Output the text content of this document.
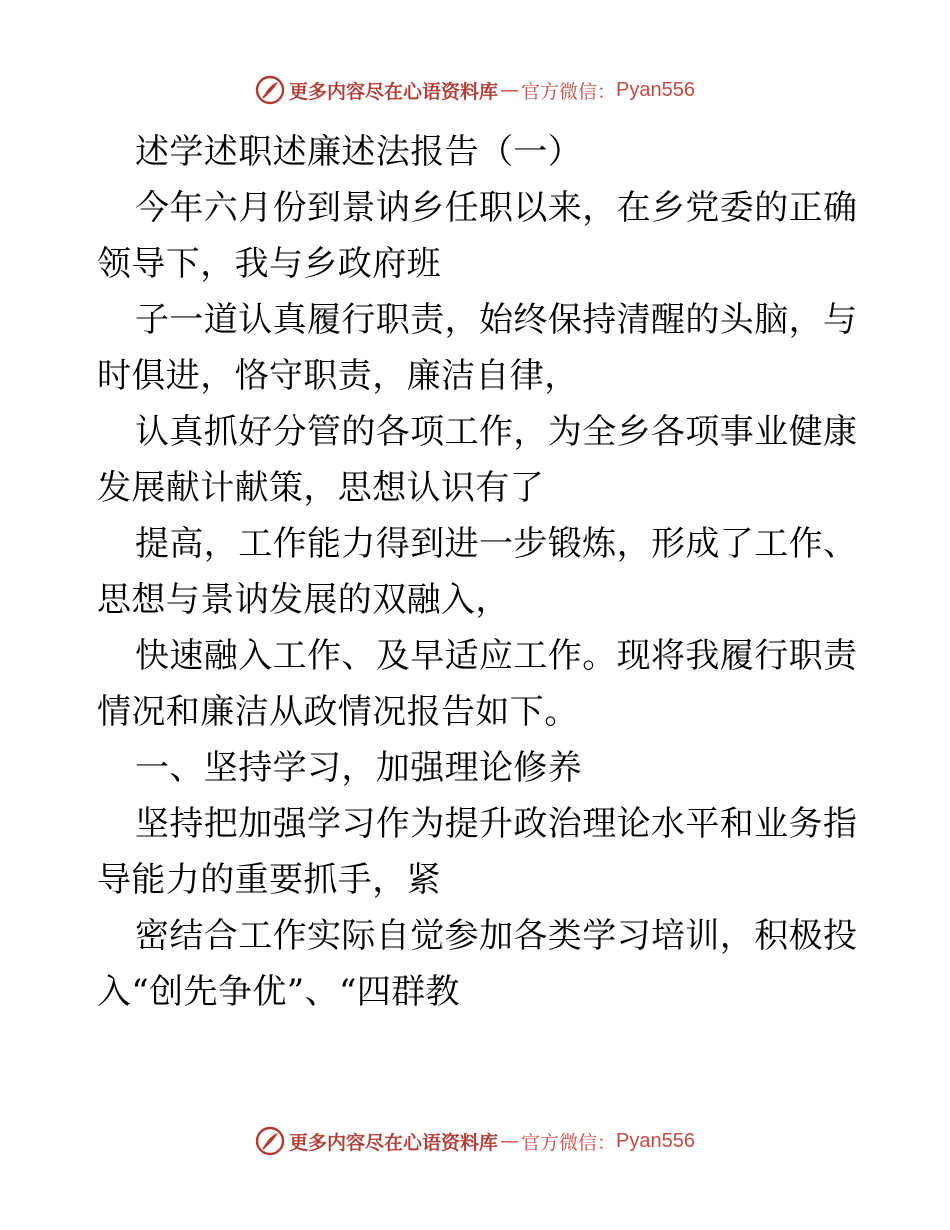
更多内容尽在心语资料库 — 官方微信： Pyan556
述学述职述廉述法报告（一）
今年六月份到景讷乡任职以来，在乡党委的正确
领导下，我与乡政府班
子一道认真履行职责，始终保持清醒的头脑，与
时俱进，恪守职责，廉洁自律，
认真抓好分管的各项工作，为全乡各项事业健康
发展献计献策，思想认识有了
提高，工作能力得到进一步锻炼，形成了工作、
思想与景讷发展的双融入，
快速融入工作、及早适应工作。现将我履行职责
情况和廉洁从政情况报告如下。
一、坚持学习，加强理论修养
坚持把加强学习作为提升政治理论水平和业务指
导能力的重要抓手，紧
密结合工作实际自觉参加各类学习培训，积极投
入“创先争优”、“四群教
更多内容尽在心语资料库 — 官方微信： Pyan556
